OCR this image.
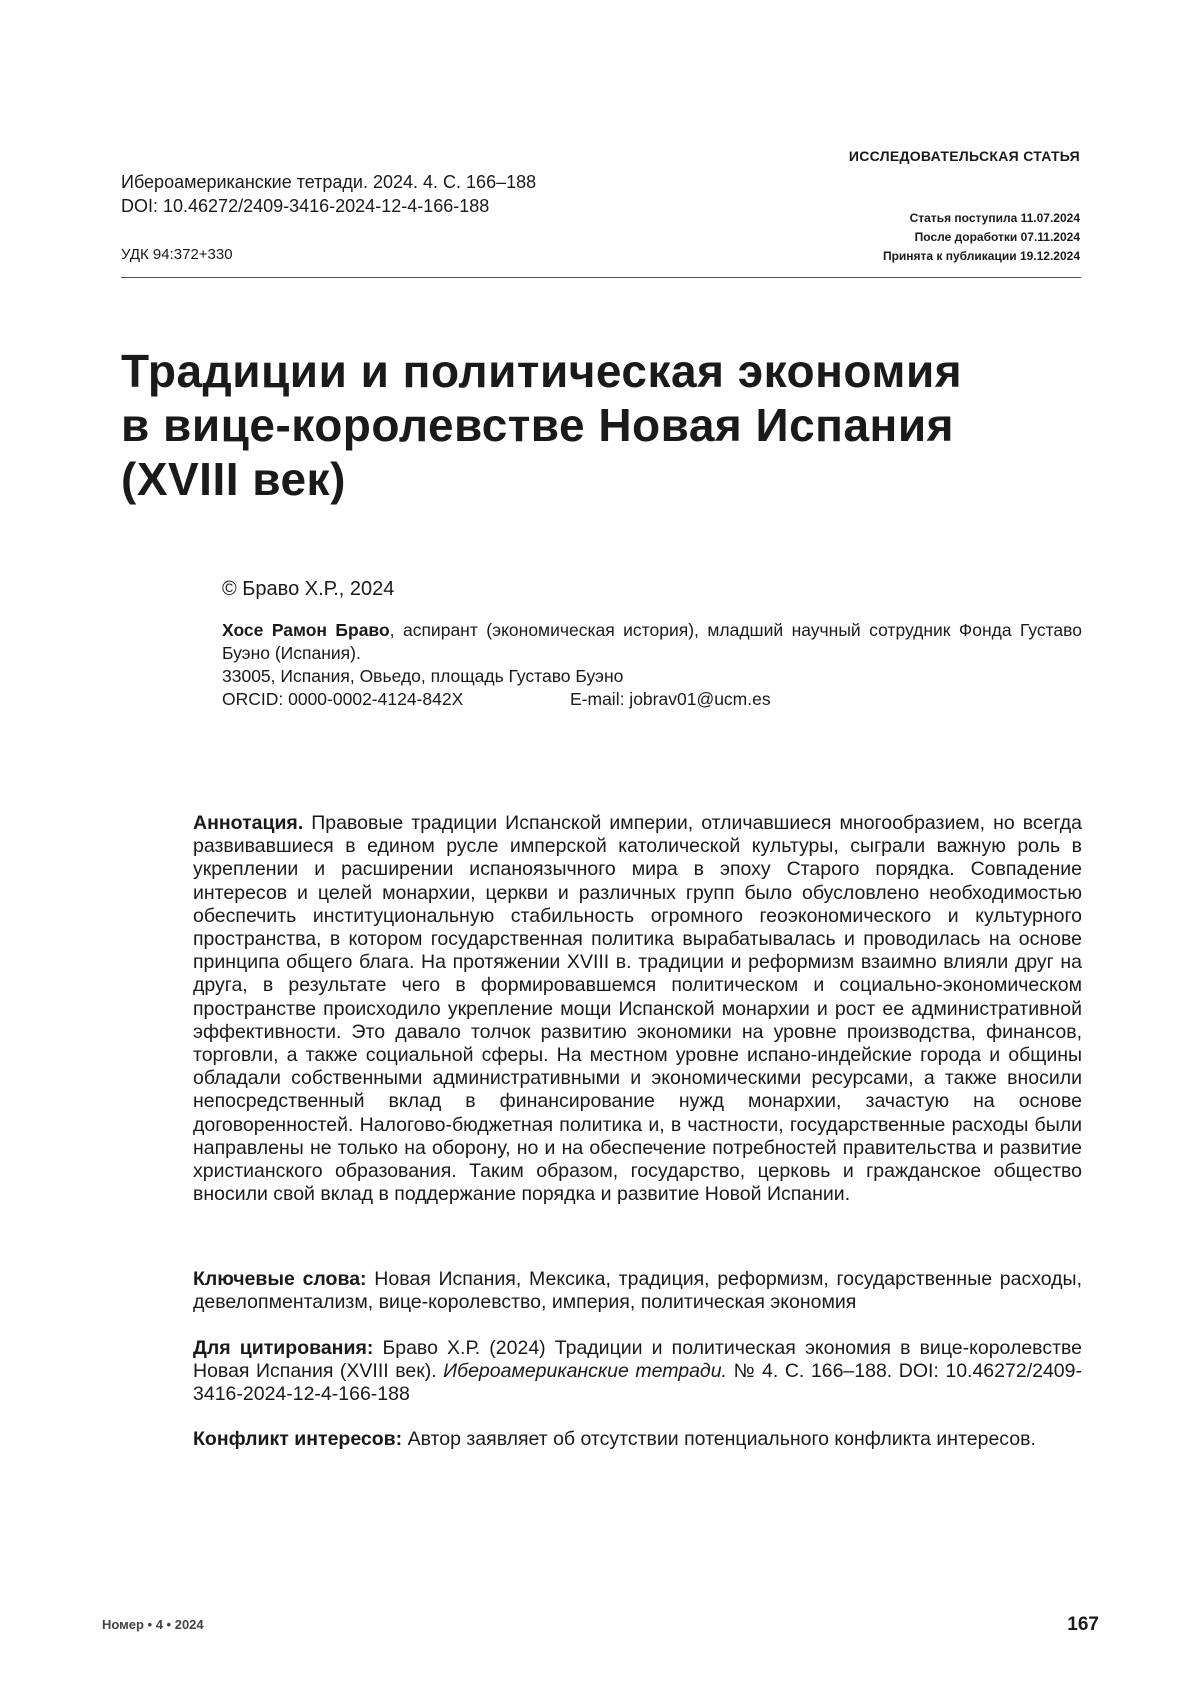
ИССЛЕДОВАТЕЛЬСКАЯ СТАТЬЯ
Ибероамериканские тетради. 2024. 4. С. 166–188
DOI: 10.46272/2409-3416-2024-12-4-166-188
Статья поступила 11.07.2024
После доработки 07.11.2024
Принята к публикации 19.12.2024
УДК 94:372+330
Традиции и политическая экономия
в вице-королевстве Новая Испания
(XVIII век)
© Браво Х.Р., 2024

Хосе Рамон Браво, аспирант (экономическая история), младший научный сотрудник Фонда Густаво Буэно (Испания).

33005, Испания, Овьедо, площадь Густаво Буэно

ORCID: 0000-0002-4124-842X	E-mail: jobrav01@ucm.es

Аннотация. Правовые традиции Испанской империи, отличавшиеся многообразием, но всегда развивавшиеся в едином русле имперской католической культуры, сыграли важную роль в укреплении и расширении испаноязычного мира в эпоху Старого порядка. Совпадение интересов и целей монархии, церкви и различных групп было обусловлено необходимостью обеспечить институциональную стабильность огромного геоэкономического и культурного пространства, в котором государственная политика вырабатывалась и проводилась на основе принципа общего блага. На протяжении XVIII в. традиции и реформизм взаимно влияли друг на друга, в результате чего в формировавшемся политическом и социально-экономическом пространстве происходило укрепление мощи Испанской монархии и рост ее административной эффективности. Это давало толчок развитию экономики на уровне производства, финансов, торговли, а также социальной сферы. На местном уровне испано-индейские города и общины обладали собственными административными и экономическими ресурсами, а также вносили непосредственный вклад в финансирование нужд монархии, зачастую на основе договоренностей. Налогово-бюджетная политика и, в частности, государственные расходы были направлены не только на оборону, но и на обеспечение потребностей правительства и развитие христианского образования. Таким образом, государство, церковь и гражданское общество вносили свой вклад в поддержание порядка и развитие Новой Испании.

Ключевые слова: Новая Испания, Мексика, традиция, реформизм, государственные расходы, девелопментализм, вице-королевство, империя, политическая экономия

Для цитирования: Браво Х.Р. (2024) Традиции и политическая экономия в вице-королевстве Новая Испания (XVIII век). Ибероамериканские тетради. № 4. С. 166–188. DOI: 10.46272/2409-3416-2024-12-4-166-188

Конфликт интересов: Автор заявляет об отсутствии потенциального конфликта интересов.

Номер • 4 • 2024	167
